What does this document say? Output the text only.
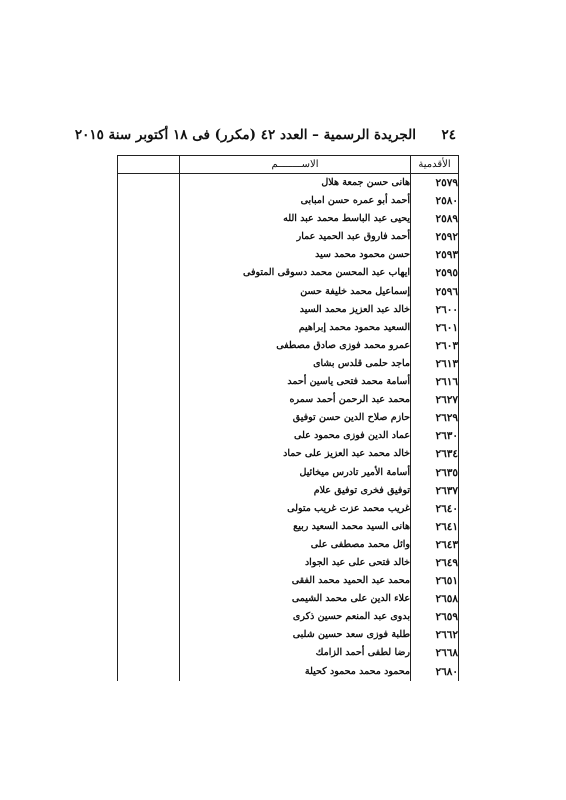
٢٤
الجريدة الرسمية – العدد ٤٢ (مكرر) فى ١٨ أكتوبر سنة ٢٠١٥
الأقدمية	الاســــــــم	
٢٥٧٩	هانى حسن جمعة هلال	
٢٥٨٠	أحمد أبو عمره حسن امبابى	
٢٥٨٩	يحيى عبد الباسط محمد عبد الله	
٢٥٩٢	أحمد فاروق عبد الحميد عمار	
٢٥٩٣	حسن محمود محمد سيد	
٢٥٩٥	ايهاب عبد المحسن محمد دسوقى المتوفى	
٢٥٩٦	إسماعيل محمد خليفة حسن	
٢٦٠٠	خالد عبد العزيز محمد السيد	
٢٦٠١	السعيد محمود محمد إبراهيم	
٢٦٠٣	عمرو محمد فوزى صادق مصطفى	
٢٦١٣	ماجد حلمى قلدس بشاى	
٢٦١٦	أسامة محمد فتحى ياسين أحمد	
٢٦٢٧	محمد عبد الرحمن أحمد سمره	
٢٦٢٩	حازم صلاح الدين حسن توفيق	
٢٦٣٠	عماد الدين فوزى محمود على	
٢٦٣٤	خالد محمد عبد العزيز على حماد	
٢٦٣٥	أسامة الأمير تادرس ميخائيل	
٢٦٣٧	توفيق فخرى توفيق علام	
٢٦٤٠	غريب محمد عزت غريب متولى	
٢٦٤١	هانى السيد محمد السعيد ربيع	
٢٦٤٣	وائل محمد مصطفى على	
٢٦٤٩	خالد فتحى على عبد الجواد	
٢٦٥١	محمد عبد الحميد محمد الفقى	
٢٦٥٨	علاء الدين على محمد الشيمى	
٢٦٥٩	بدوى عبد المنعم حسين ذكرى	
٢٦٦٢	طلبة فوزى سعد حسين شلبى	
٢٦٦٨	رضا لطفى أحمد الزامك	
٢٦٨٠	محمود محمد محمود كحيلة	
